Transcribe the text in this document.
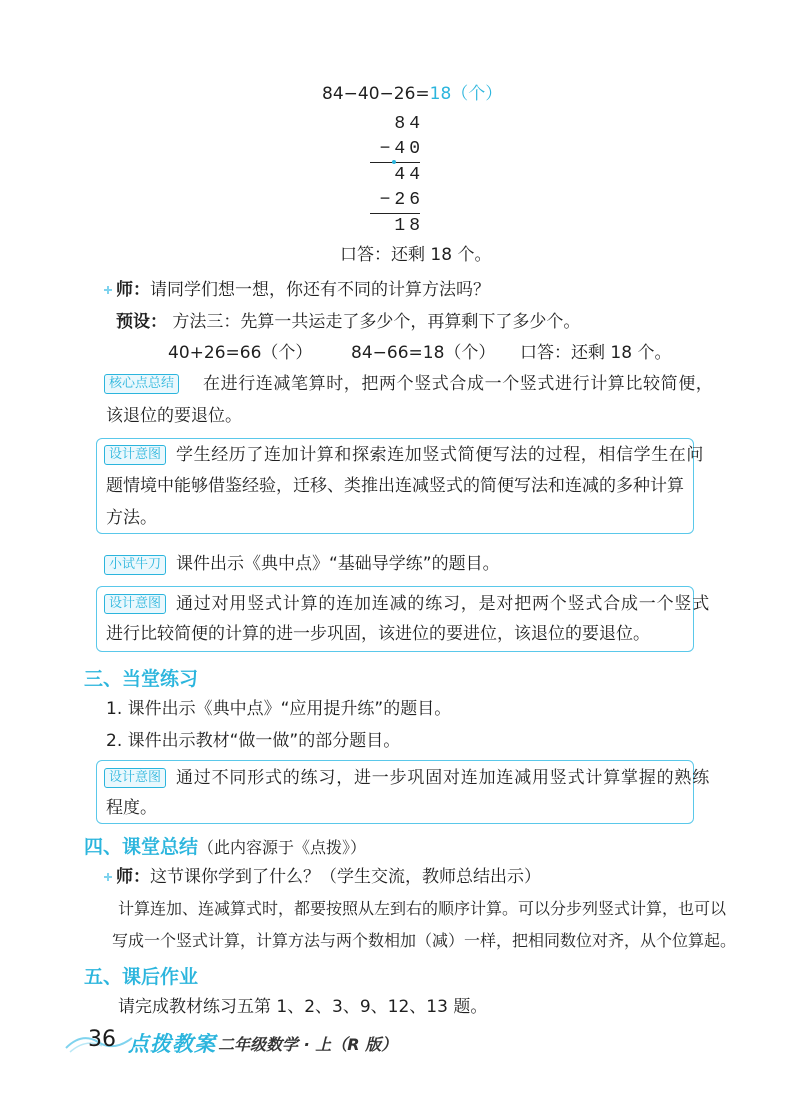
84−40−26=18（个）
84
−40
44
−26
18
口答：还剩 18 个。
师：请同学们想一想，你还有不同的计算方法吗？
预设： 方法三：先算一共运走了多少个，再算剩下了多少个。
40+26=66（个） 84−66=18（个） 口答：还剩 18 个。
核心点总结 在进行连减笔算时，把两个竖式合成一个竖式进行计算比较简便，
该退位的要退位。
设计意图 学生经历了连加计算和探索连加竖式简便写法的过程，相信学生在问
题情境中能够借鉴经验，迁移、类推出连减竖式的简便写法和连减的多种计算
方法。
小试牛刀 课件出示《典中点》“基础导学练”的题目。
设计意图 通过对用竖式计算的连加连减的练习，是对把两个竖式合成一个竖式
进行比较简便的计算的进一步巩固，该进位的要进位，该退位的要退位。
三、当堂练习
1. 课件出示《典中点》“应用提升练”的题目。
2. 课件出示教材“做一做”的部分题目。
设计意图 通过不同形式的练习，进一步巩固对连加连减用竖式计算掌握的熟练
程度。
四、课堂总结（此内容源于《点拨》）
师：这节课你学到了什么？（学生交流，教师总结出示）
计算连加、连减算式时，都要按照从左到右的顺序计算。可以分步列竖式计算，也可以
写成一个竖式计算，计算方法与两个数相加（减）一样，把相同数位对齐，从个位算起。
五、课后作业
请完成教材练习五第 1、2、3、9、12、13 题。
36 点拨教案 二年级数学 · 上（R 版）
